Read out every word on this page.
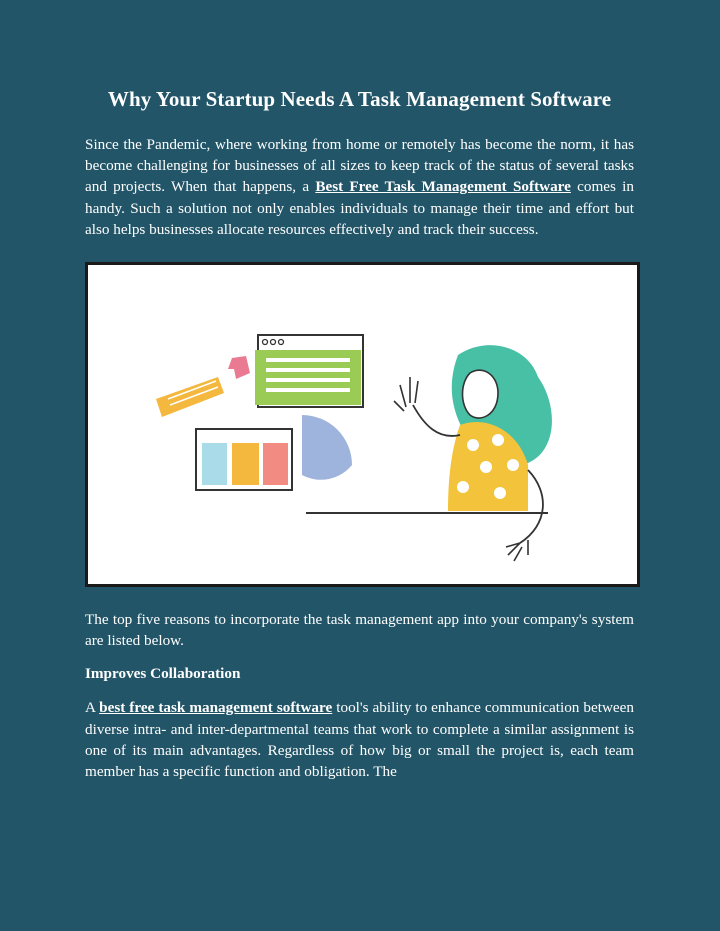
Why Your Startup Needs A Task Management Software

Since the Pandemic, where working from home or remotely has become the norm, it has become challenging for businesses of all sizes to keep track of the status of several tasks and projects. When that happens, a Best Free Task Management Software comes in handy. Such a solution not only enables individuals to manage their time and effort but also helps businesses allocate resources effectively and track their success.

The top five reasons to incorporate the task management app into your company's system are listed below.

Improves Collaboration

A best free task management software tool's ability to enhance communication between diverse intra- and inter-departmental teams that work to complete a similar assignment is one of its main advantages. Regardless of how big or small the project is, each team member has a specific function and obligation. The
